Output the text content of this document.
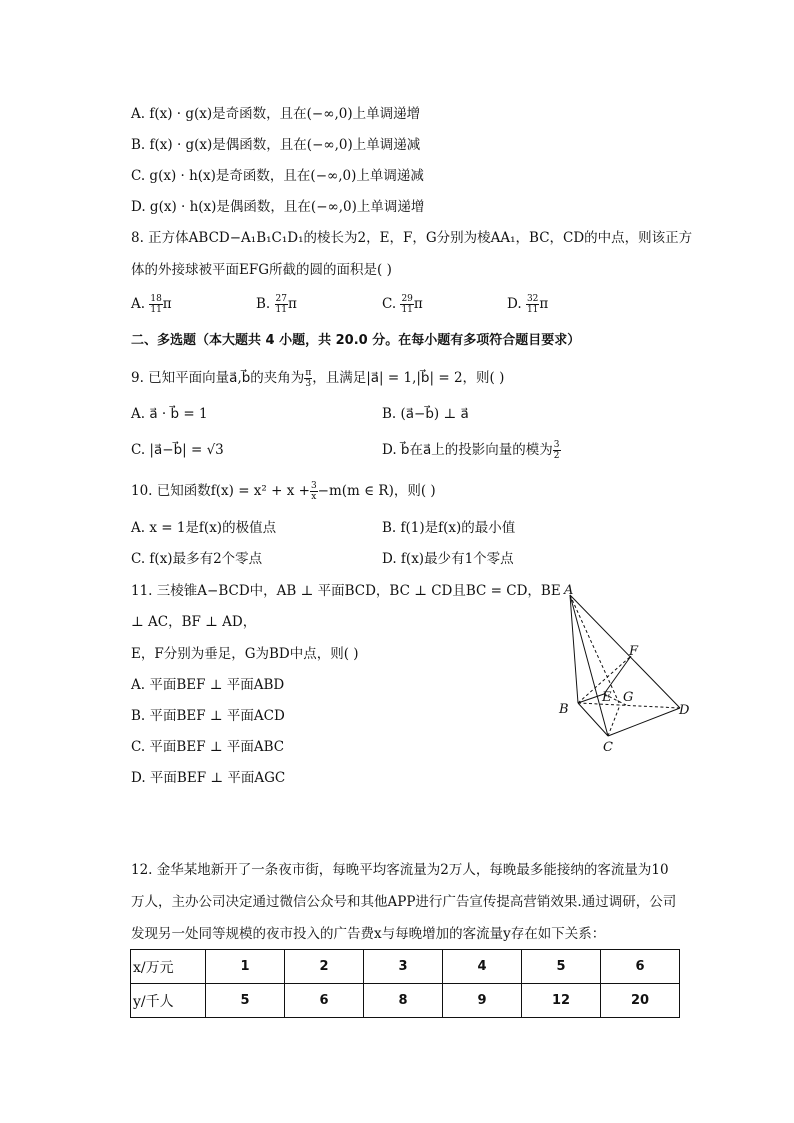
A. f(x) · g(x)是奇函数，且在(−∞,0)上单调递增
B. f(x) · g(x)是偶函数，且在(−∞,0)上单调递减
C. g(x) · h(x)是奇函数，且在(−∞,0)上单调递减
D. g(x) · h(x)是偶函数，且在(−∞,0)上单调递增
8. 正方体ABCD−A₁B₁C₁D₁的棱长为2，E，F，G分别为棱AA₁，BC，CD的中点，则该正方
体的外接球被平面EFG所截的圆的面积是( )
A. $\frac{18}{11}$ π	B. $\frac{27}{11}$ π	C. $\frac{29}{11}$ π	D. $\frac{32}{11}$ π
二、多选题（本大题共 4 小题，共 20.0 分。在每小题有多项符合题目要求）
9. 已知平面向量a⃗,b⃗的夹角为 $\frac{\pi}{3}$ ，且满足|a⃗| = 1,|b⃗| = 2，则( )
A. a⃗ · b⃗ = 1	B. (a⃗−b⃗) ⊥ a⃗
C. |a⃗−b⃗| = √3	D. b⃗在a⃗上的投影向量的模为 $\frac{3}{2}$
10. 已知函数$f(x) = x^2 + x + \frac{3}{x} -m(m$ ∈ R)，则( )
A. x = 1是f(x)的极值点	B. f(1)是f(x)的最小值
C. f(x)最多有2个零点	D. f(x)最少有1个零点
11. 三棱锥A−BCD中，AB ⊥ 平面BCD，BC ⊥ CD且BC = CD，BE
⊥ AC，BF ⊥ AD，
E，F分别为垂足，G为BD中点，则( )
A. 平面BEF ⊥ 平面ABD
B. 平面BEF ⊥ 平面ACD
C. 平面BEF ⊥ 平面ABC
D. 平面BEF ⊥ 平面AGC
A
B
C
D
E
F
G
12. 金华某地新开了一条夜市街，每晚平均客流量为2万人，每晚最多能接纳的客流量为10
万人，主办公司决定通过微信公众号和其他APP进行广告宣传提高营销效果.通过调研，公司
发现另一处同等规模的夜市投入的广告费x与每晚增加的客流量y存在如下关系：
x/万元	1	2	3	4	5	6
y/千人	5	6	8	9	12	20
